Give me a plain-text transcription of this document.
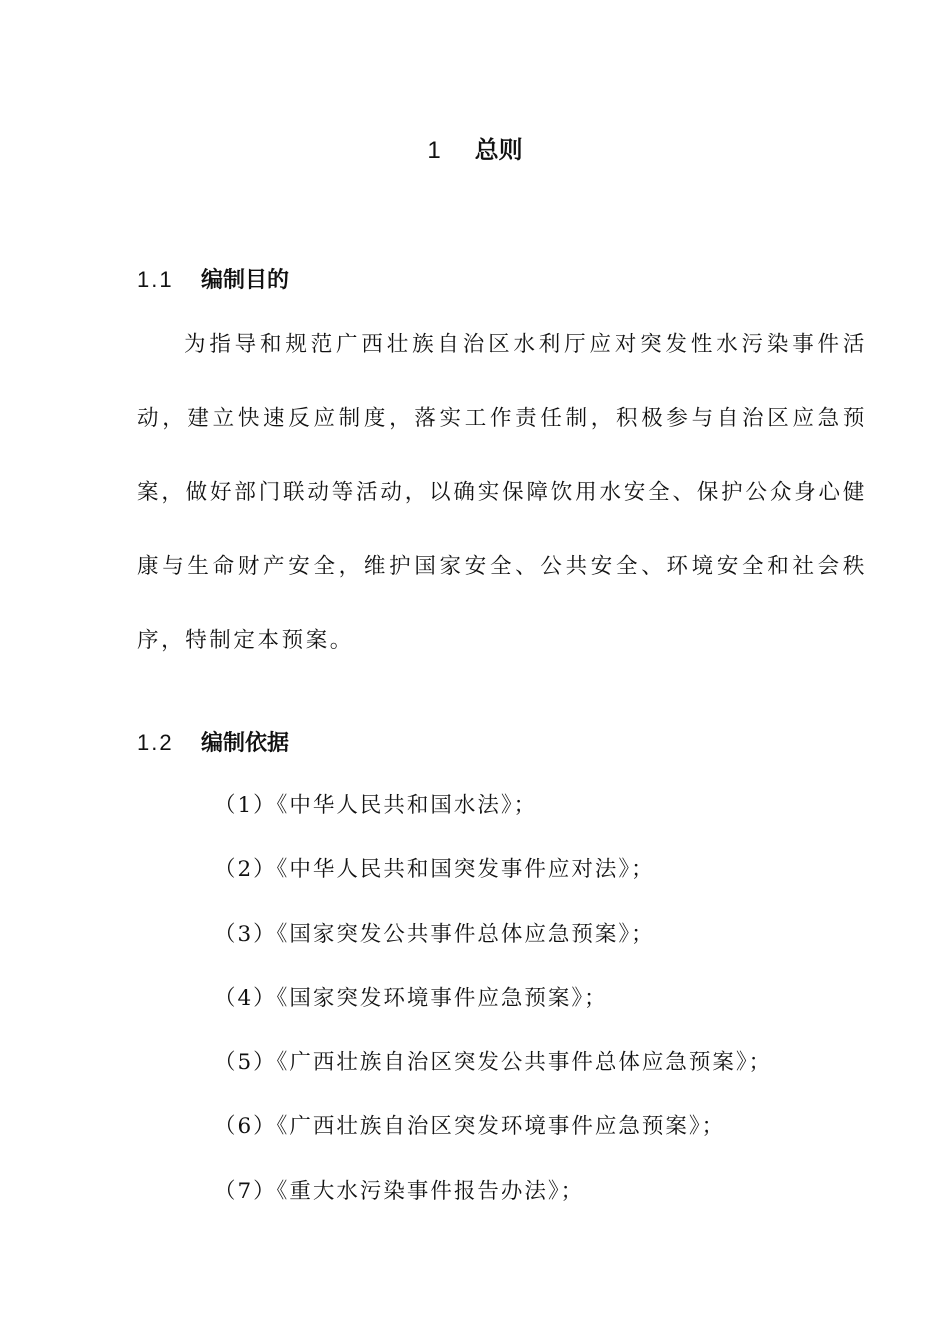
1 总则
1.1 编制目的

为指导和规范广西壮族自治区水利厅应对突发性水污染事件活动，建立快速反应制度，落实工作责任制，积极参与自治区应急预案，做好部门联动等活动，以确实保障饮用水安全、保护公众身心健康与生命财产安全，维护国家安全、公共安全、环境安全和社会秩序，特制定本预案。

1.2 编制依据
（1）《中华人民共和国水法》；
（2）《中华人民共和国突发事件应对法》；
（3）《国家突发公共事件总体应急预案》；
（4）《国家突发环境事件应急预案》；
（5）《广西壮族自治区突发公共事件总体应急预案》；
（6）《广西壮族自治区突发环境事件应急预案》；
（7）《重大水污染事件报告办法》；
